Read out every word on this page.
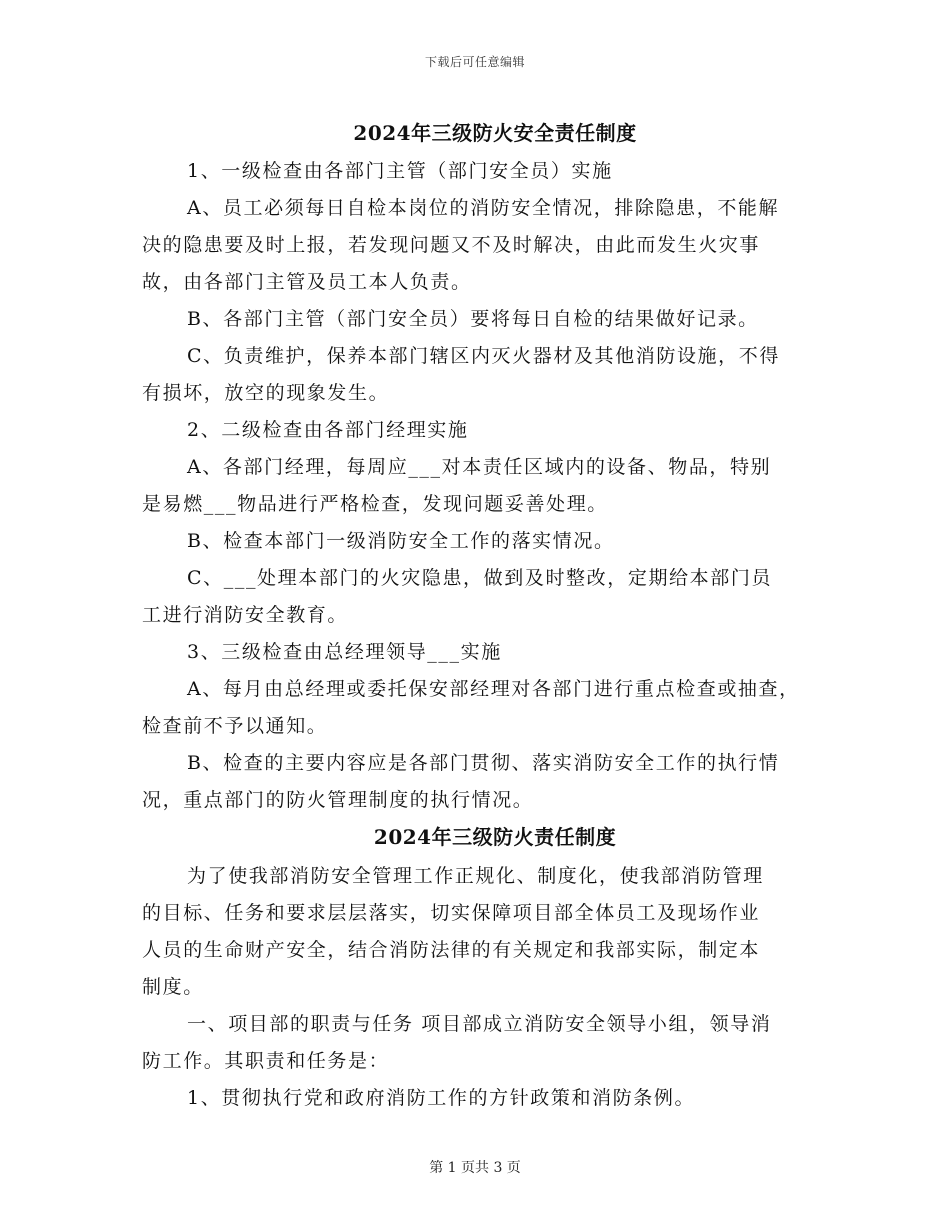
下载后可任意编辑
2024年三级防火安全责任制度
1、一级检查由各部门主管（部门安全员）实施
A、员工必须每日自检本岗位的消防安全情况，排除隐患，不能解
决的隐患要及时上报，若发现问题又不及时解决，由此而发生火灾事
故，由各部门主管及员工本人负责。
B、各部门主管（部门安全员）要将每日自检的结果做好记录。
C、负责维护，保养本部门辖区内灭火器材及其他消防设施，不得
有损坏，放空的现象发生。
2、二级检查由各部门经理实施
A、各部门经理，每周应___对本责任区域内的设备、物品，特别
是易燃___物品进行严格检查，发现问题妥善处理。
B、检查本部门一级消防安全工作的落实情况。
C、___处理本部门的火灾隐患，做到及时整改，定期给本部门员
工进行消防安全教育。
3、三级检查由总经理领导___实施
A、每月由总经理或委托保安部经理对各部门进行重点检查或抽查，
检查前不予以通知。
B、检查的主要内容应是各部门贯彻、落实消防安全工作的执行情
况，重点部门的防火管理制度的执行情况。
2024年三级防火责任制度
为了使我部消防安全管理工作正规化、制度化，使我部消防管理
的目标、任务和要求层层落实，切实保障项目部全体员工及现场作业
人员的生命财产安全，结合消防法律的有关规定和我部实际，制定本
制度。
一、项目部的职责与任务 项目部成立消防安全领导小组，领导消
防工作。其职责和任务是：
1、贯彻执行党和政府消防工作的方针政策和消防条例。
第 1 页共 3 页
